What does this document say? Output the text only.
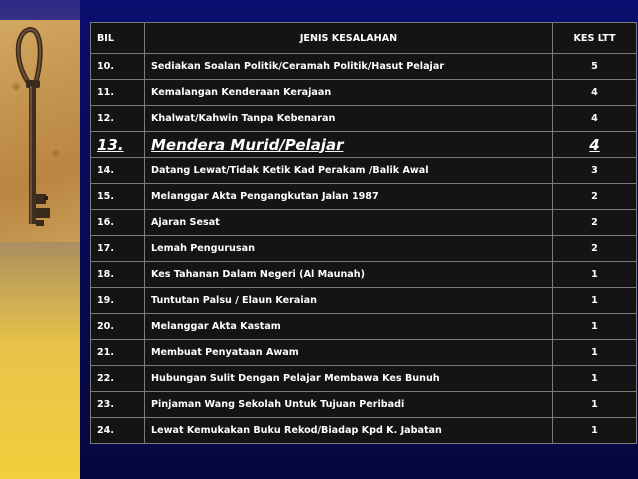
BIL	JENIS KESALAHAN	KES LTT
10.	Sediakan Soalan Politik/Ceramah Politik/Hasut Pelajar	5
11.	Kemalangan Kenderaan Kerajaan	4
12.	Khalwat/Kahwin Tanpa Kebenaran	4
13.	Mendera Murid/Pelajar	4
14.	Datang Lewat/Tidak Ketik Kad Perakam /Balik Awal	3
15.	Melanggar Akta Pengangkutan Jalan 1987	2
16.	Ajaran Sesat	2
17.	Lemah Pengurusan	2
18.	Kes Tahanan Dalam Negeri (Al Maunah)	1
19.	Tuntutan Palsu / Elaun Keraian	1
20.	Melanggar Akta Kastam	1
21.	Membuat Penyataan Awam	1
22.	Hubungan Sulit Dengan Pelajar Membawa Kes Bunuh	1
23.	Pinjaman Wang Sekolah Untuk Tujuan Peribadi	1
24.	Lewat Kemukakan Buku Rekod/Biadap Kpd K. Jabatan	1
